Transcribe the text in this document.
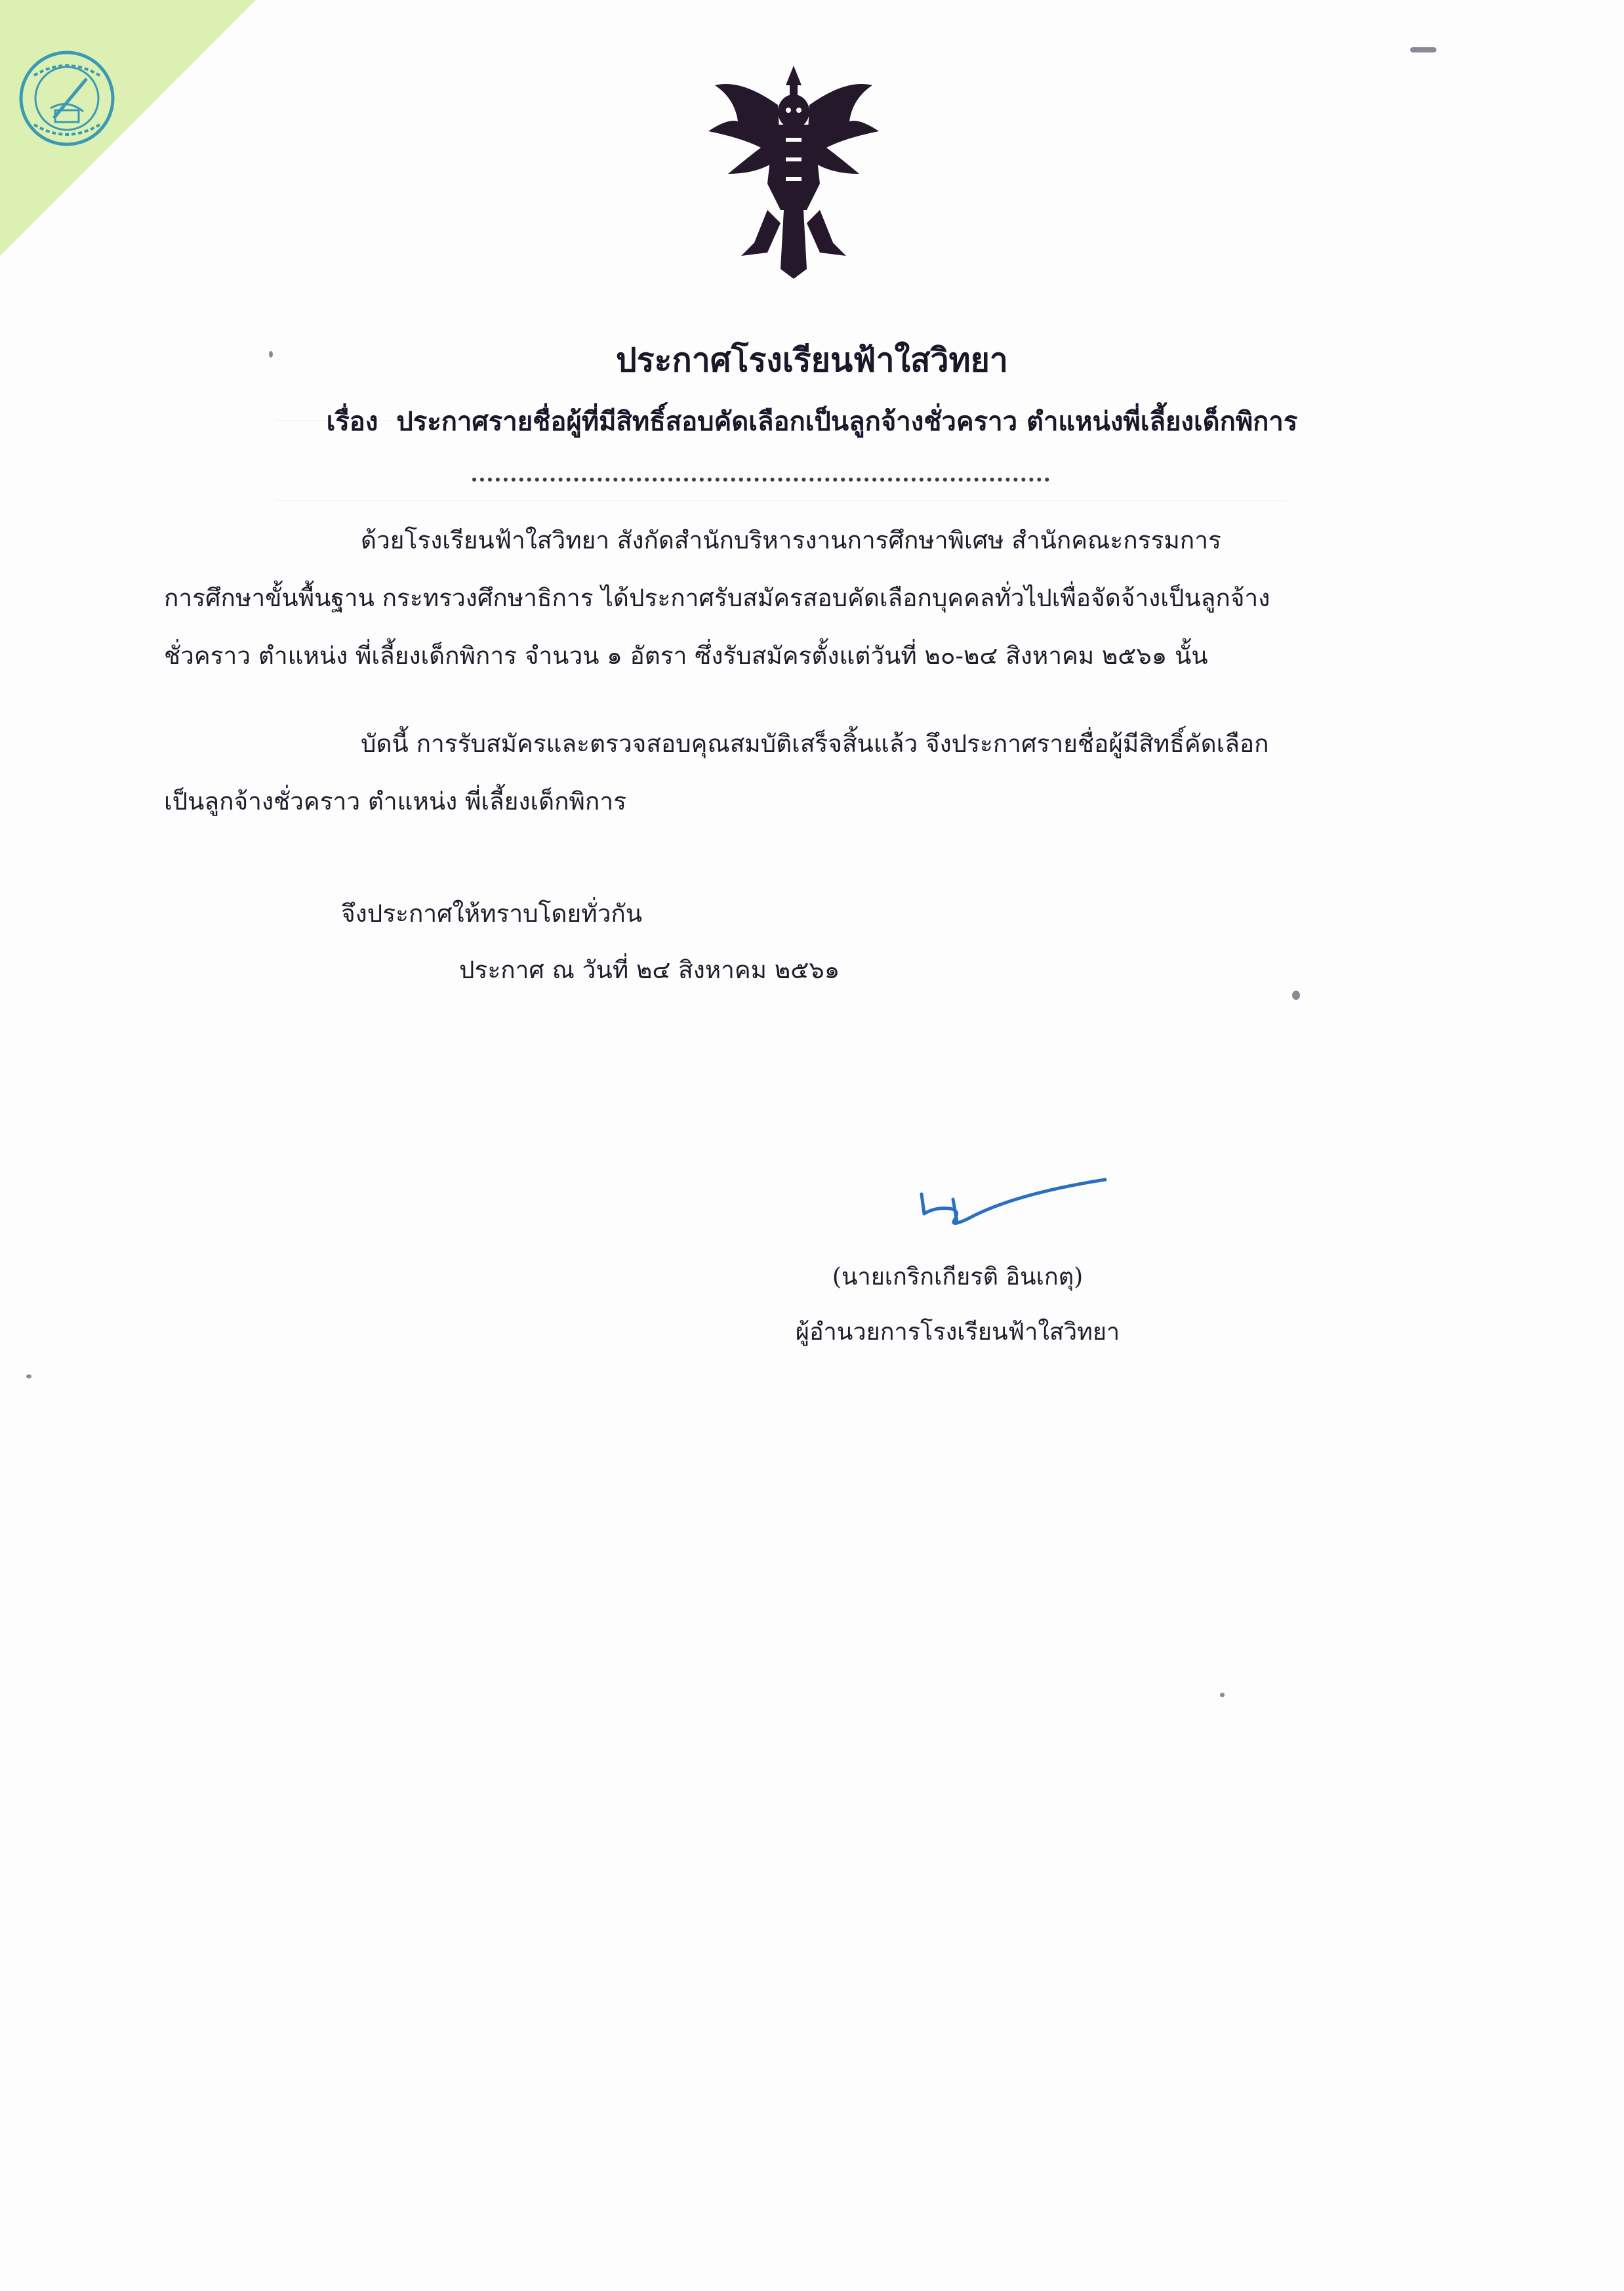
ประกาศโรงเรียนฟ้าใสวิทยา
เรื่อง ประกาศรายชื่อผู้ที่มีสิทธิ์สอบคัดเลือกเป็นลูกจ้างชั่วคราว ตำแหน่งพี่เลี้ยงเด็กพิการ

ด้วยโรงเรียนฟ้าใสวิทยา สังกัดสำนักบริหารงานการศึกษาพิเศษ สำนักคณะกรรมการ

การศึกษาขั้นพื้นฐาน กระทรวงศึกษาธิการ ได้ประกาศรับสมัครสอบคัดเลือกบุคคลทั่วไปเพื่อจัดจ้างเป็นลูกจ้าง

ชั่วคราว ตำแหน่ง พี่เลี้ยงเด็กพิการ จำนวน ๑ อัตรา ซึ่งรับสมัครตั้งแต่วันที่ ๒๐-๒๔ สิงหาคม ๒๕๖๑ นั้น

บัดนี้ การรับสมัครและตรวจสอบคุณสมบัติเสร็จสิ้นแล้ว จึงประกาศรายชื่อผู้มีสิทธิ์คัดเลือก

เป็นลูกจ้างชั่วคราว ตำแหน่ง พี่เลี้ยงเด็กพิการ

จึงประกาศให้ทราบโดยทั่วกัน

ประกาศ ณ วันที่ ๒๔ สิงหาคม ๒๕๖๑

(นายเกริกเกียรติ อินเกตุ)

ผู้อำนวยการโรงเรียนฟ้าใสวิทยา
